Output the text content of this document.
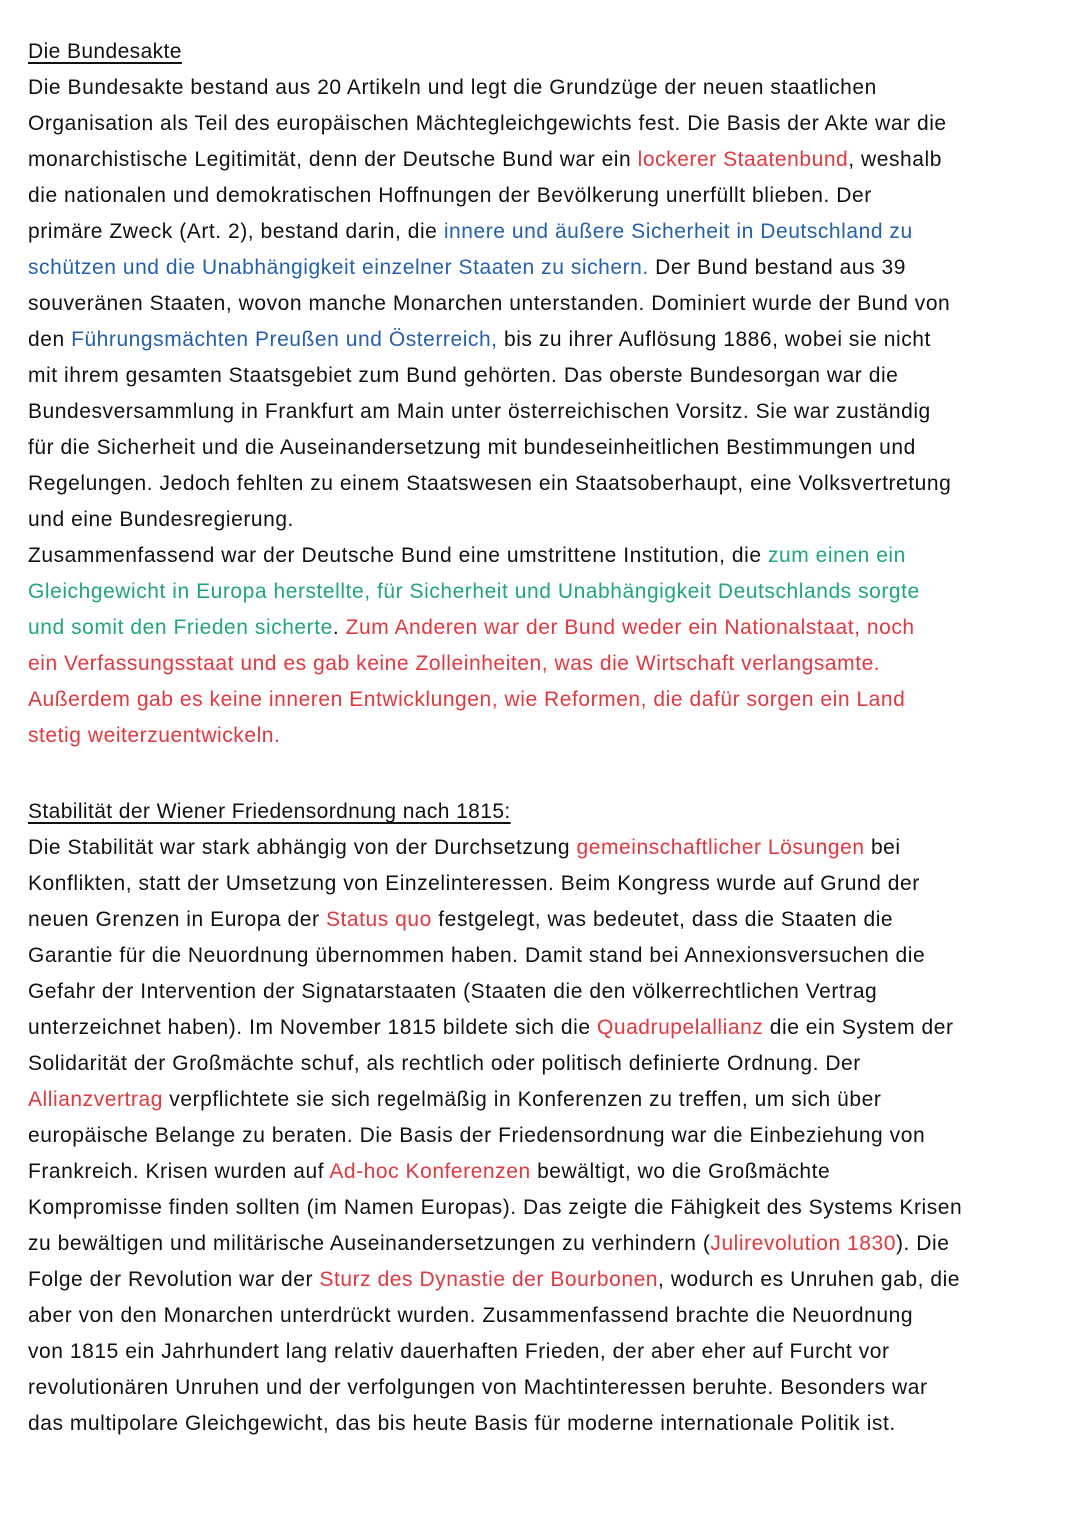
Die Bundesakte
Die Bundesakte bestand aus 20 Artikeln und legt die Grundzüge der neuen staatlichen
Organisation als Teil des europäischen Mächtegleichgewichts fest. Die Basis der Akte war die
monarchistische Legitimität, denn der Deutsche Bund war ein lockerer Staatenbund, weshalb
die nationalen und demokratischen Hoffnungen der Bevölkerung unerfüllt blieben. Der
primäre Zweck (Art. 2), bestand darin, die innere und äußere Sicherheit in Deutschland zu
schützen und die Unabhängigkeit einzelner Staaten zu sichern. Der Bund bestand aus 39
souveränen Staaten, wovon manche Monarchen unterstanden. Dominiert wurde der Bund von
den Führungsmächten Preußen und Österreich, bis zu ihrer Auflösung 1886, wobei sie nicht
mit ihrem gesamten Staatsgebiet zum Bund gehörten. Das oberste Bundesorgan war die
Bundesversammlung in Frankfurt am Main unter österreichischen Vorsitz. Sie war zuständig
für die Sicherheit und die Auseinandersetzung mit bundeseinheitlichen Bestimmungen und
Regelungen. Jedoch fehlten zu einem Staatswesen ein Staatsoberhaupt, eine Volksvertretung
und eine Bundesregierung.
Zusammenfassend war der Deutsche Bund eine umstrittene Institution, die zum einen ein
Gleichgewicht in Europa herstellte, für Sicherheit und Unabhängigkeit Deutschlands sorgte
und somit den Frieden sicherte. Zum Anderen war der Bund weder ein Nationalstaat, noch
ein Verfassungsstaat und es gab keine Zolleinheiten, was die Wirtschaft verlangsamte.
Außerdem gab es keine inneren Entwicklungen, wie Reformen, die dafür sorgen ein Land
stetig weiterzuentwickeln.
Stabilität der Wiener Friedensordnung nach 1815:
Die Stabilität war stark abhängig von der Durchsetzung gemeinschaftlicher Lösungen bei
Konflikten, statt der Umsetzung von Einzelinteressen. Beim Kongress wurde auf Grund der
neuen Grenzen in Europa der Status quo festgelegt, was bedeutet, dass die Staaten die
Garantie für die Neuordnung übernommen haben. Damit stand bei Annexionsversuchen die
Gefahr der Intervention der Signatarstaaten (Staaten die den völkerrechtlichen Vertrag
unterzeichnet haben). Im November 1815 bildete sich die Quadrupelallianz die ein System der
Solidarität der Großmächte schuf, als rechtlich oder politisch definierte Ordnung. Der
Allianzvertrag verpflichtete sie sich regelmäßig in Konferenzen zu treffen, um sich über
europäische Belange zu beraten. Die Basis der Friedensordnung war die Einbeziehung von
Frankreich. Krisen wurden auf Ad-hoc Konferenzen bewältigt, wo die Großmächte
Kompromisse finden sollten (im Namen Europas). Das zeigte die Fähigkeit des Systems Krisen
zu bewältigen und militärische Auseinandersetzungen zu verhindern (Julirevolution 1830). Die
Folge der Revolution war der Sturz des Dynastie der Bourbonen, wodurch es Unruhen gab, die
aber von den Monarchen unterdrückt wurden. Zusammenfassend brachte die Neuordnung
von 1815 ein Jahrhundert lang relativ dauerhaften Frieden, der aber eher auf Furcht vor
revolutionären Unruhen und der verfolgungen von Machtinteressen beruhte. Besonders war
das multipolare Gleichgewicht, das bis heute Basis für moderne internationale Politik ist.
